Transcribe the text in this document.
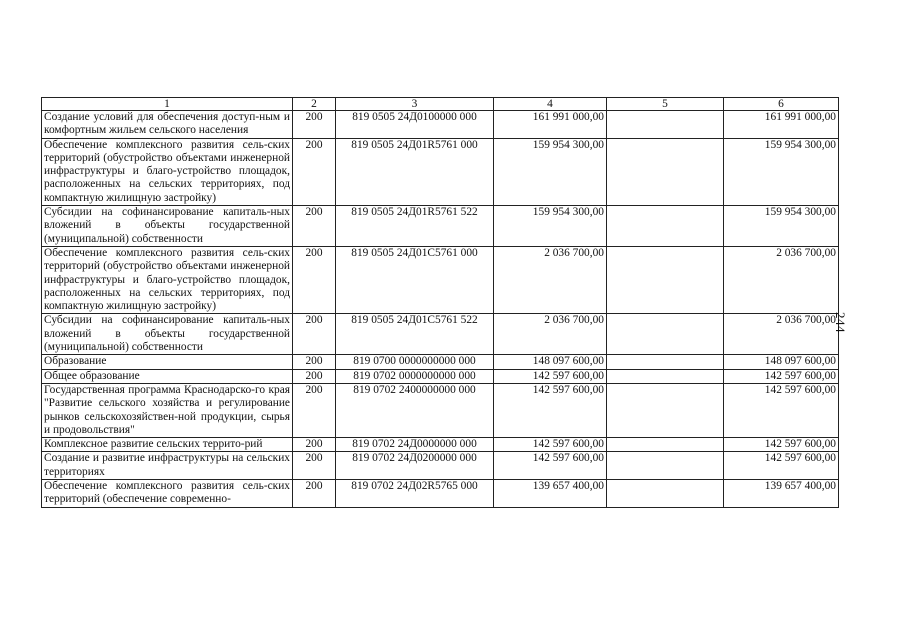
1	2	3	4	5	6
Создание условий для обеспечения доступ-ным и комфортным жильем сельского населения	200	819 0505 24Д0100000 000	161 991 000,00		161 991 000,00
Обеспечение комплексного развития сель-ских территорий (обустройство объектами инженерной инфраструктуры и благо-устройство площадок, расположенных на сельских территориях, под компактную жилищную застройку)	200	819 0505 24Д01R5761 000	159 954 300,00		159 954 300,00
Субсидии на софинансирование капиталь-ных вложений в объекты государственной (муниципальной) собственности	200	819 0505 24Д01R5761 522	159 954 300,00		159 954 300,00
Обеспечение комплексного развития сель-ских территорий (обустройство объектами инженерной инфраструктуры и благо-устройство площадок, расположенных на сельских территориях, под компактную жилищную застройку)	200	819 0505 24Д01С5761 000	2 036 700,00		2 036 700,00
Субсидии на софинансирование капиталь-ных вложений в объекты государственной (муниципальной) собственности	200	819 0505 24Д01С5761 522	2 036 700,00		2 036 700,00
Образование	200	819 0700 0000000000 000	148 097 600,00		148 097 600,00
Общее образование	200	819 0702 0000000000 000	142 597 600,00		142 597 600,00
Государственная программа Краснодарско-го края "Развитие сельского хозяйства и регулирование рынков сельскохозяйствен-ной продукции, сырья и продовольствия"	200	819 0702 2400000000 000	142 597 600,00		142 597 600,00
Комплексное развитие сельских террито-рий	200	819 0702 24Д0000000 000	142 597 600,00		142 597 600,00
Создание и развитие инфраструктуры на сельских территориях	200	819 0702 24Д0200000 000	142 597 600,00		142 597 600,00
Обеспечение комплексного развития сель-ских территорий (обеспечение современно-	200	819 0702 24Д02R5765 000	139 657 400,00		139 657 400,00
244
